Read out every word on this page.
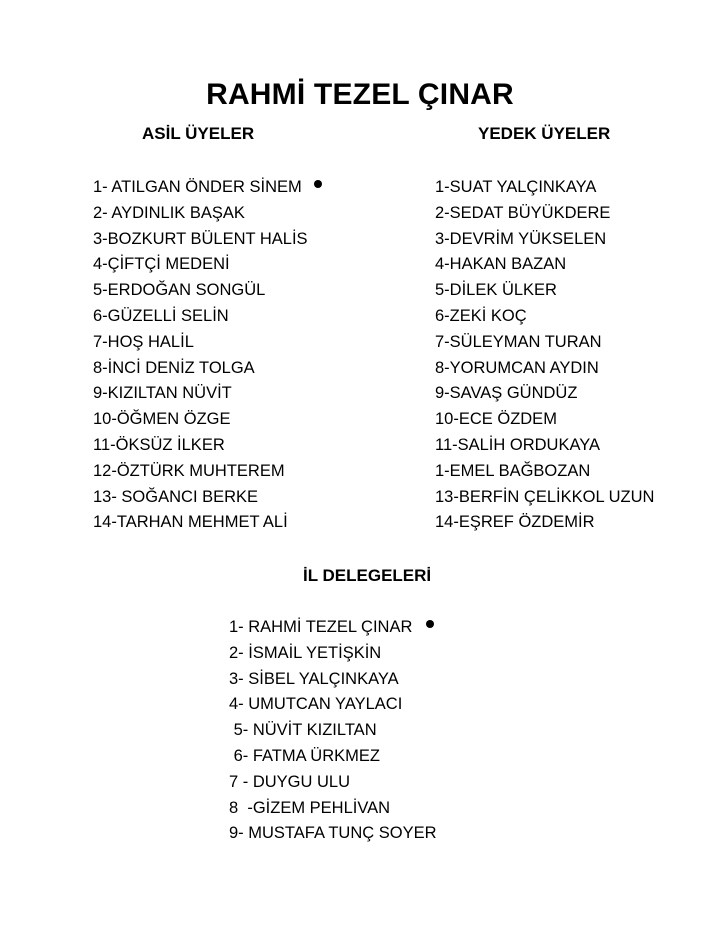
RAHMİ TEZEL ÇINAR
ASİL ÜYELER	YEDEK ÜYELER
1- ATILGAN ÖNDER SİNEM
2- AYDINLIK BAŞAK
3-BOZKURT BÜLENT HALİS
4-ÇİFTÇİ MEDENİ
5-ERDOĞAN SONGÜL
6-GÜZELLİ SELİN
7-HOŞ HALİL
8-İNCİ DENİZ TOLGA
9-KIZILTAN NÜVİT
10-ÖĞMEN ÖZGE
11-ÖKSÜZ İLKER
12-ÖZTÜRK MUHTEREM
13- SOĞANCI BERKE
14-TARHAN MEHMET ALİ
1-SUAT YALÇINKAYA
2-SEDAT BÜYÜKDERE
3-DEVRİM YÜKSELEN
4-HAKAN BAZAN
5-DİLEK ÜLKER
6-ZEKİ KOÇ
7-SÜLEYMAN TURAN
8-YORUMCAN AYDIN
9-SAVAŞ GÜNDÜZ
10-ECE ÖZDEM
11-SALİH ORDUKAYA
1-EMEL BAĞBOZAN
13-BERFİN ÇELİKKOL UZUN
14-EŞREF ÖZDEMİR
İL DELEGELERİ
1- RAHMİ TEZEL ÇINAR
2- İSMAİL YETİŞKİN
3- SİBEL YALÇINKAYA
4- UMUTCAN YAYLACI
5- NÜVİT KIZILTAN
6- FATMA ÜRKMEZ
7 - DUYGU ULU
8  -GİZEM PEHLİVAN
9- MUSTAFA TUNÇ SOYER
